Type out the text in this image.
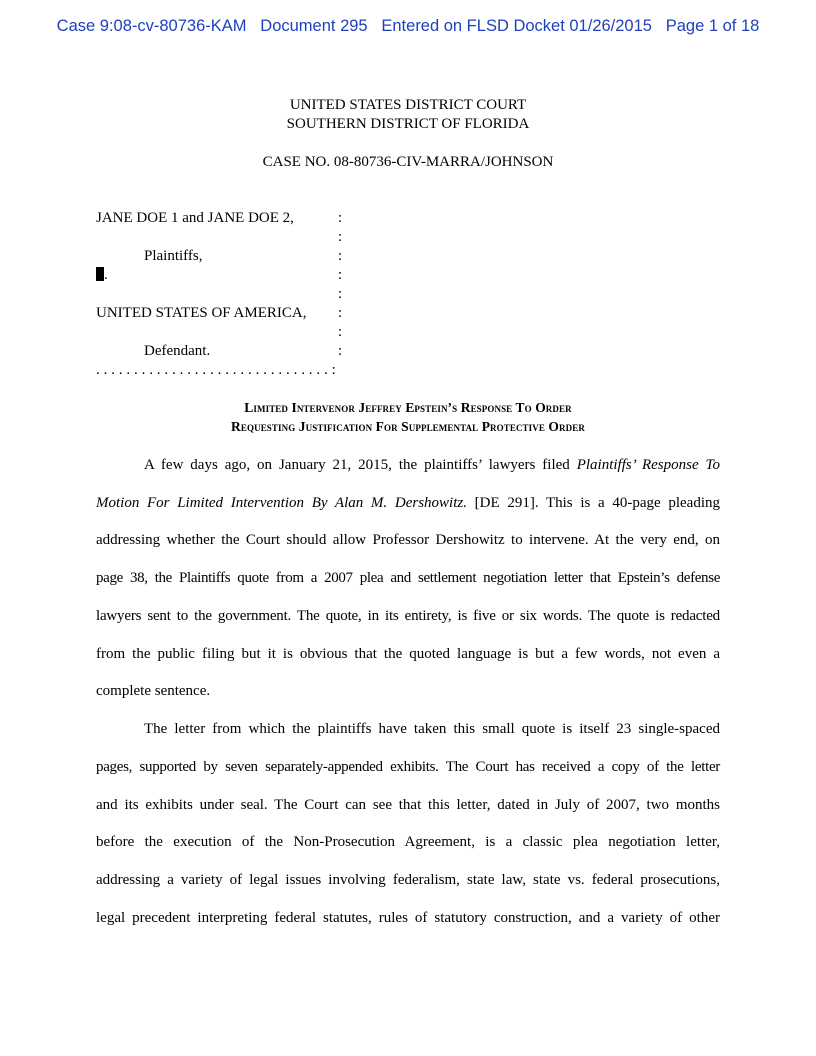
Case 9:08-cv-80736-KAM Document 295 Entered on FLSD Docket 01/26/2015 Page 1 of 18
UNITED STATES DISTRICT COURT
SOUTHERN DISTRICT OF FLORIDA
CASE NO. 08-80736-CIV-MARRA/JOHNSON
JANE DOE 1 and JANE DOE 2,
Plaintiffs,
.
UNITED STATES OF AMERICA,
Defendant.
. . . . . . . . . . . . . . . . . . . . . . . . . . . . . . . :
:
:
:
:
:
:
:
:
Limited Intervenor Jeffrey Epstein’s Response To Order
Requesting Justification For Supplemental Protective Order
A few days ago, on January 21, 2015, the plaintiffs’ lawyers filed Plaintiffs’ Response To
Motion For Limited Intervention By Alan M. Dershowitz. [DE 291]. This is a 40-page pleading
addressing whether the Court should allow Professor Dershowitz to intervene. At the very end, on
page 38, the Plaintiffs quote from a 2007 plea and settlement negotiation letter that Epstein’s defense
lawyers sent to the government. The quote, in its entirety, is five or six words. The quote is redacted
from the public filing but it is obvious that the quoted language is but a few words, not even a
complete sentence.
The letter from which the plaintiffs have taken this small quote is itself 23 single-spaced
pages, supported by seven separately-appended exhibits. The Court has received a copy of the letter
and its exhibits under seal. The Court can see that this letter, dated in July of 2007, two months
before the execution of the Non-Prosecution Agreement, is a classic plea negotiation letter,
addressing a variety of legal issues involving federalism, state law, state vs. federal prosecutions,
legal precedent interpreting federal statutes, rules of statutory construction, and a variety of other
